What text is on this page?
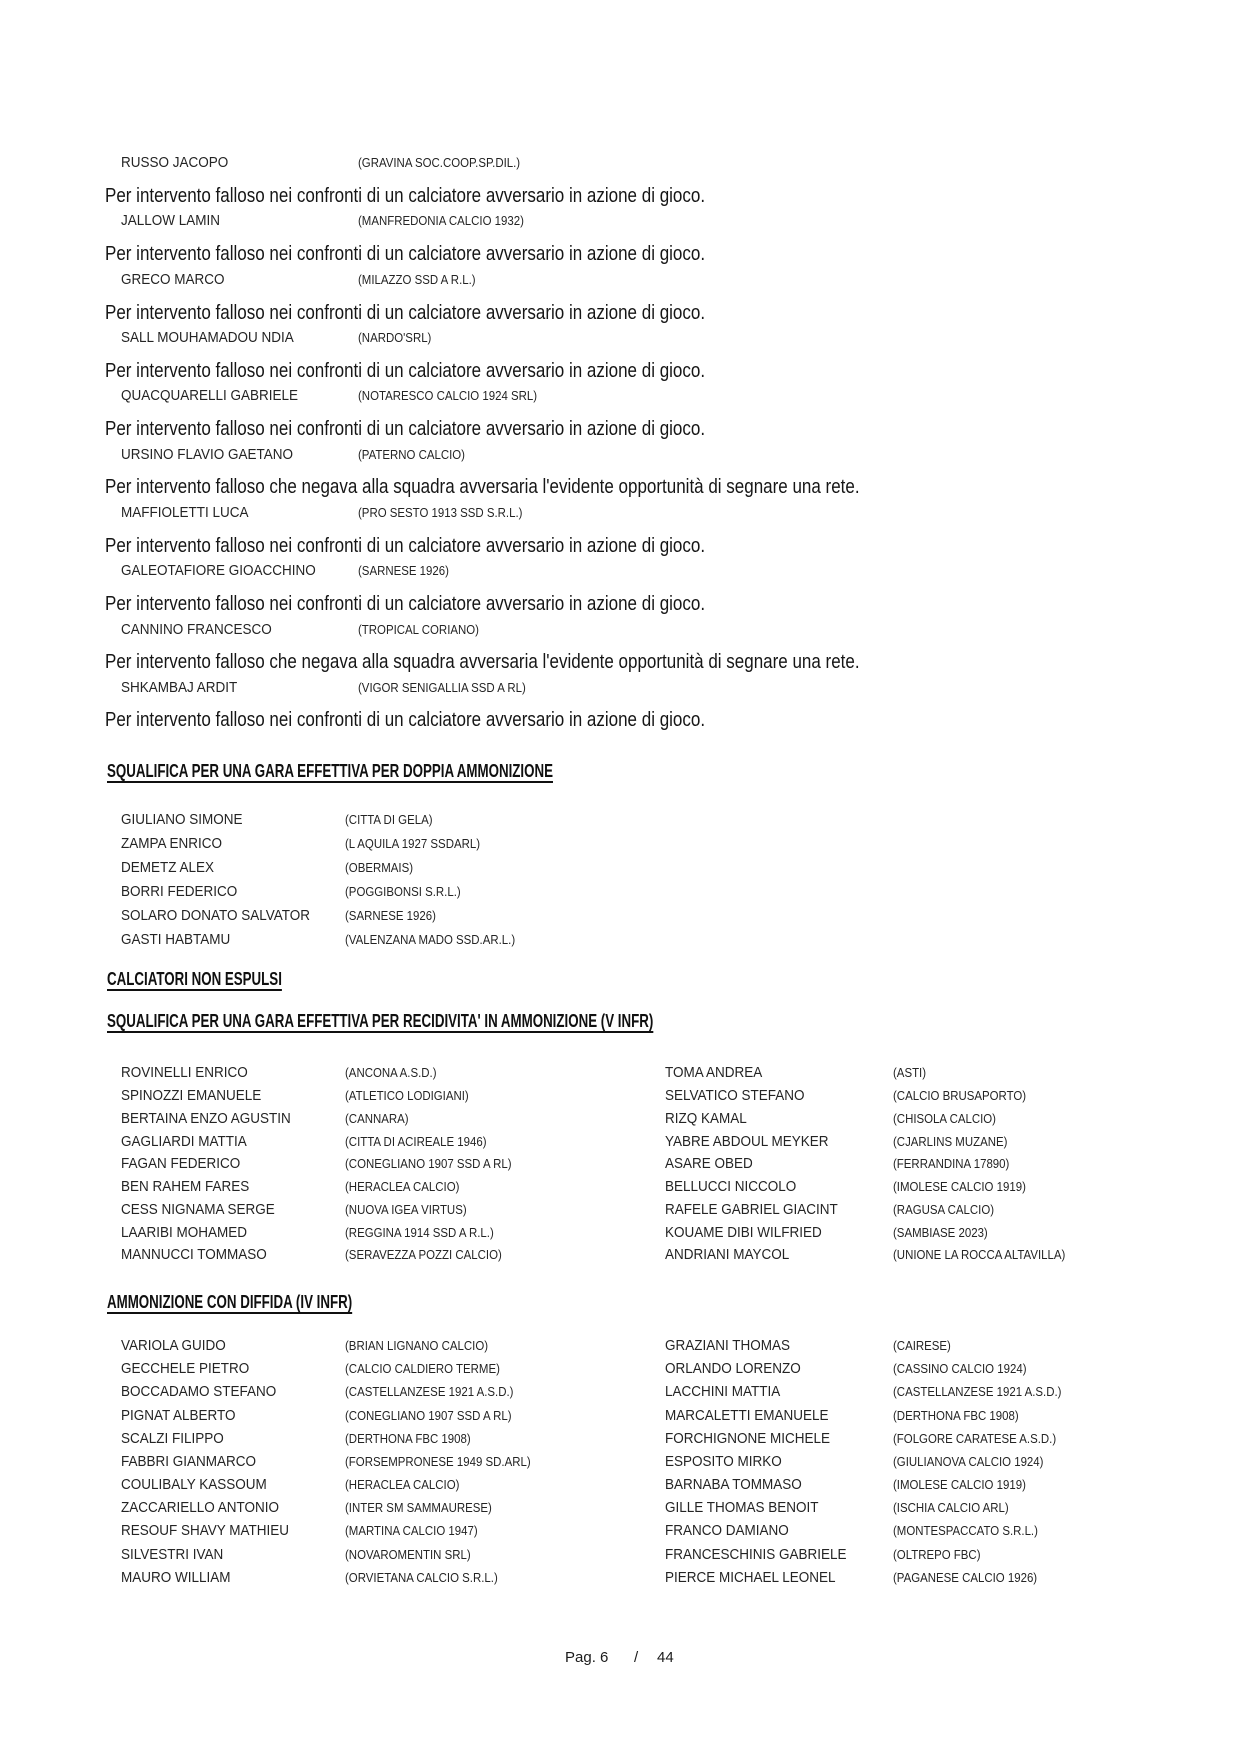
RUSSO JACOPO	(GRAVINA SOC.COOP.SP.DIL.)
Per intervento falloso nei confronti di un calciatore avversario in azione di gioco.
JALLOW LAMIN	(MANFREDONIA CALCIO 1932)
Per intervento falloso nei confronti di un calciatore avversario in azione di gioco.
GRECO MARCO	(MILAZZO SSD A R.L.)
Per intervento falloso nei confronti di un calciatore avversario in azione di gioco.
SALL MOUHAMADOU NDIA	(NARDO'SRL)
Per intervento falloso nei confronti di un calciatore avversario in azione di gioco.
QUACQUARELLI GABRIELE	(NOTARESCO CALCIO 1924 SRL)
Per intervento falloso nei confronti di un calciatore avversario in azione di gioco.
URSINO FLAVIO GAETANO	(PATERNO CALCIO)
Per intervento falloso che negava alla squadra avversaria l'evidente opportunità di segnare una rete.
MAFFIOLETTI LUCA	(PRO SESTO 1913 SSD S.R.L.)
Per intervento falloso nei confronti di un calciatore avversario in azione di gioco.
GALEOTAFIORE GIOACCHINO	(SARNESE 1926)
Per intervento falloso nei confronti di un calciatore avversario in azione di gioco.
CANNINO FRANCESCO	(TROPICAL CORIANO)
Per intervento falloso che negava alla squadra avversaria l'evidente opportunità di segnare una rete.
SHKAMBAJ ARDIT	(VIGOR SENIGALLIA SSD A RL)
Per intervento falloso nei confronti di un calciatore avversario in azione di gioco.
SQUALIFICA PER UNA GARA EFFETTIVA PER DOPPIA AMMONIZIONE
GIULIANO SIMONE	(CITTA DI GELA)
ZAMPA ENRICO	(L AQUILA 1927 SSDARL)
DEMETZ ALEX	(OBERMAIS)
BORRI FEDERICO	(POGGIBONSI S.R.L.)
SOLARO DONATO SALVATOR	(SARNESE 1926)
GASTI HABTAMU	(VALENZANA MADO SSD.AR.L.)
CALCIATORI NON ESPULSI
SQUALIFICA PER UNA GARA EFFETTIVA PER RECIDIVITA' IN AMMONIZIONE (V INFR)
ROVINELLI ENRICO	(ANCONA A.S.D.)	TOMA ANDREA	(ASTI)
SPINOZZI EMANUELE	(ATLETICO LODIGIANI)	SELVATICO STEFANO	(CALCIO BRUSAPORTO)
BERTAINA ENZO AGUSTIN	(CANNARA)	RIZQ KAMAL	(CHISOLA CALCIO)
GAGLIARDI MATTIA	(CITTA DI ACIREALE 1946)	YABRE ABDOUL MEYKER	(CJARLINS MUZANE)
FAGAN FEDERICO	(CONEGLIANO 1907 SSD A RL)	ASARE OBED	(FERRANDINA 17890)
BEN RAHEM FARES	(HERACLEA CALCIO)	BELLUCCI NICCOLO	(IMOLESE CALCIO 1919)
CESS NIGNAMA SERGE	(NUOVA IGEA VIRTUS)	RAFELE GABRIEL GIACINT	(RAGUSA CALCIO)
LAARIBI MOHAMED	(REGGINA 1914 SSD A R.L.)	KOUAME DIBI WILFRIED	(SAMBIASE 2023)
MANNUCCI TOMMASO	(SERAVEZZA POZZI CALCIO)	ANDRIANI MAYCOL	(UNIONE LA ROCCA ALTAVILLA)
AMMONIZIONE CON DIFFIDA (IV INFR)
VARIOLA GUIDO	(BRIAN LIGNANO CALCIO)	GRAZIANI THOMAS	(CAIRESE)
GECCHELE PIETRO	(CALCIO CALDIERO TERME)	ORLANDO LORENZO	(CASSINO CALCIO 1924)
BOCCADAMO STEFANO	(CASTELLANZESE 1921 A.S.D.)	LACCHINI MATTIA	(CASTELLANZESE 1921 A.S.D.)
PIGNAT ALBERTO	(CONEGLIANO 1907 SSD A RL)	MARCALETTI EMANUELE	(DERTHONA FBC 1908)
SCALZI FILIPPO	(DERTHONA FBC 1908)	FORCHIGNONE MICHELE	(FOLGORE CARATESE A.S.D.)
FABBRI GIANMARCO	(FORSEMPRONESE 1949 SD.ARL)	ESPOSITO MIRKO	(GIULIANOVA CALCIO 1924)
COULIBALY KASSOUM	(HERACLEA CALCIO)	BARNABA TOMMASO	(IMOLESE CALCIO 1919)
ZACCARIELLO ANTONIO	(INTER SM SAMMAURESE)	GILLE THOMAS BENOIT	(ISCHIA CALCIO ARL)
RESOUF SHAVY MATHIEU	(MARTINA CALCIO 1947)	FRANCO DAMIANO	(MONTESPACCATO S.R.L.)
SILVESTRI IVAN	(NOVAROMENTIN SRL)	FRANCESCHINIS GABRIELE	(OLTREPO FBC)
MAURO WILLIAM	(ORVIETANA CALCIO S.R.L.)	PIERCE MICHAEL LEONEL	(PAGANESE CALCIO 1926)
Pag. 6 / 44
